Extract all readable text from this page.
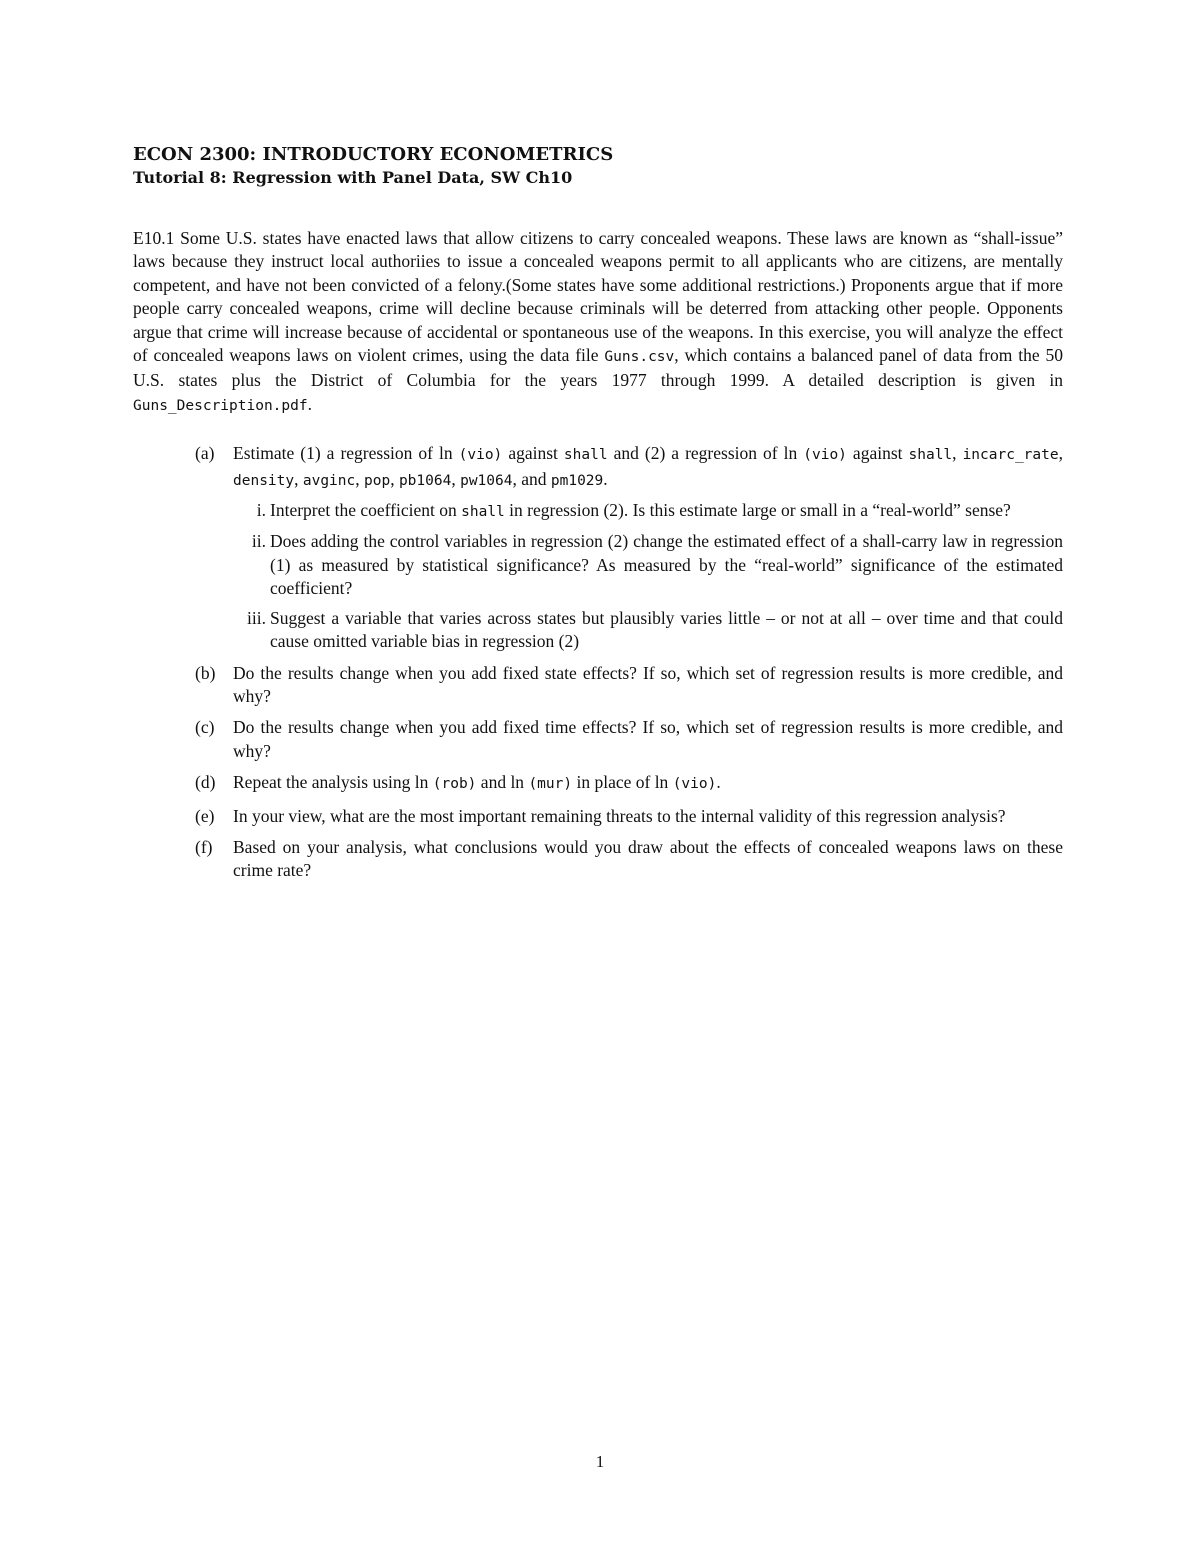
ECON 2300: INTRODUCTORY ECONOMETRICS
Tutorial 8: Regression with Panel Data, SW Ch10

E10.1 Some U.S. states have enacted laws that allow citizens to carry concealed weapons. These laws are known as “shall-issue” laws because they instruct local authoriies to issue a concealed weapons permit to all applicants who are citizens, are mentally competent, and have not been convicted of a felony.(Some states have some additional restrictions.) Proponents argue that if more people carry concealed weapons, crime will decline because criminals will be deterred from attacking other people. Opponents argue that crime will increase because of accidental or spontaneous use of the weapons. In this exercise, you will analyze the effect of concealed weapons laws on violent crimes, using the data file Guns.csv, which contains a balanced panel of data from the 50 U.S. states plus the District of Columbia for the years 1977 through 1999. A detailed description is given in Guns_Description.pdf.

(a)	Estimate (1) a regression of ln (vio) against shall and (2) a regression of ln (vio) against shall, incarc_rate, density, avginc, pop, pb1064, pw1064, and pm1029.
i. Interpret the coefficient on shall in regression (2). Is this estimate large or small in a “real-world” sense?
ii. Does adding the control variables in regression (2) change the estimated effect of a shall-carry law in regression (1) as measured by statistical significance? As measured by the “real-world” significance of the estimated coefficient?
iii. Suggest a variable that varies across states but plausibly varies little – or not at all – over time and that could cause omitted variable bias in regression (2)
(b)	Do the results change when you add fixed state effects? If so, which set of regression results is more credible, and why?
(c)	Do the results change when you add fixed time effects? If so, which set of regression results is more credible, and why?
(d)	Repeat the analysis using ln (rob) and ln (mur) in place of ln (vio).
(e)	In your view, what are the most important remaining threats to the internal validity of this regression analysis?
(f)	Based on your analysis, what conclusions would you draw about the effects of concealed weapons laws on these crime rate?
1
